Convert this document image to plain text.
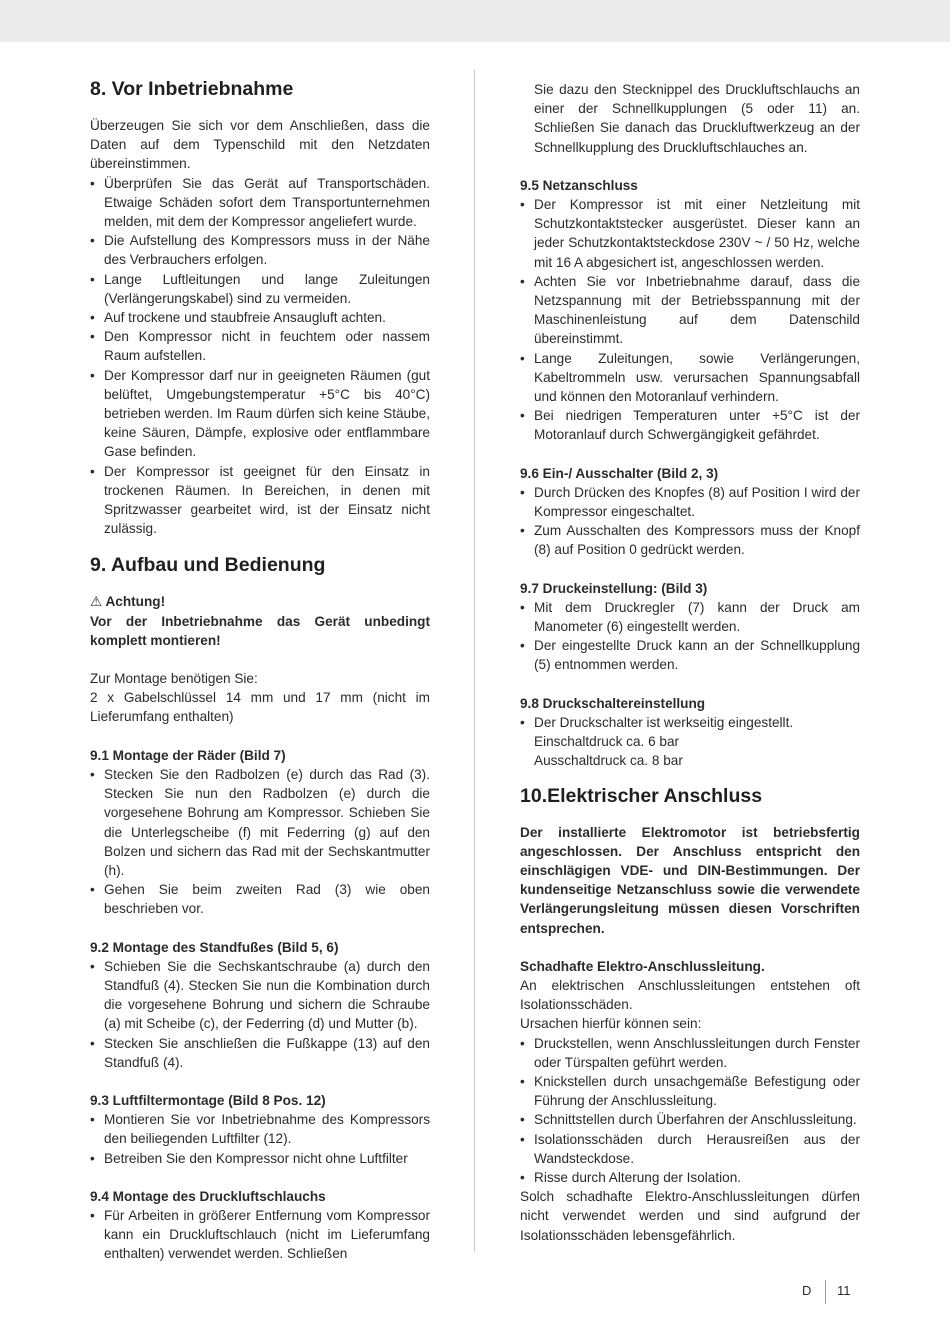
8. Vor Inbetriebnahme

Überzeugen Sie sich vor dem Anschließen, dass die Daten auf dem Typenschild mit den Netzdaten übereinstimmen.

• Überprüfen Sie das Gerät auf Transportschäden. Etwaige Schäden sofort dem Transportunternehmen melden, mit dem der Kompressor angeliefert wurde.
• Die Aufstellung des Kompressors muss in der Nähe des Verbrauchers erfolgen.
• Lange Luftleitungen und lange Zuleitungen (Verlängerungskabel) sind zu vermeiden.
• Auf trockene und staubfreie Ansaugluft achten.
• Den Kompressor nicht in feuchtem oder nassem Raum aufstellen.
• Der Kompressor darf nur in geeigneten Räumen (gut belüftet, Umgebungstemperatur +5°C bis 40°C) betrieben werden. Im Raum dürfen sich keine Stäube, keine Säuren, Dämpfe, explosive oder entflammbare Gase befinden.
• Der Kompressor ist geeignet für den Einsatz in trockenen Räumen. In Bereichen, in denen mit Spritzwasser gearbeitet wird, ist der Einsatz nicht zulässig.
9. Aufbau und Bedienung

⚠ Achtung!

Vor der Inbetriebnahme das Gerät unbedingt komplett montieren!

Zur Montage benötigen Sie:

2 x Gabelschlüssel 14 mm und 17 mm (nicht im Lieferumfang enthalten)

9.1 Montage der Räder (Bild 7)

• Stecken Sie den Radbolzen (e) durch das Rad (3). Stecken Sie nun den Radbolzen (e) durch die vorgesehene Bohrung am Kompressor. Schieben Sie die Unterlegscheibe (f) mit Federring (g) auf den Bolzen und sichern das Rad mit der Sechskantmutter (h).
• Gehen Sie beim zweiten Rad (3) wie oben beschrieben vor.

9.2 Montage des Standfußes (Bild 5, 6)

• Schieben Sie die Sechskantschraube (a) durch den Standfuß (4). Stecken Sie nun die Kombination durch die vorgesehene Bohrung und sichern die Schraube (a) mit Scheibe (c), der Federring (d) und Mutter (b).
• Stecken Sie anschließen die Fußkappe (13) auf den Standfuß (4).

9.3 Luftfiltermontage (Bild 8 Pos. 12)

• Montieren Sie vor Inbetriebnahme des Kompressors den beiliegenden Luftfilter (12).
• Betreiben Sie den Kompressor nicht ohne Luftfilter

9.4 Montage des Druckluftschlauchs

• Für Arbeiten in größerer Entfernung vom Kompressor kann ein Druckluftschlauch (nicht im Lieferumfang enthalten) verwendet werden. Schließen

Sie dazu den Stecknippel des Druckluftschlauchs an einer der Schnellkupplungen (5 oder 11) an. Schließen Sie danach das Druckluftwerkzeug an der Schnellkupplung des Druckluftschlauches an.

9.5 Netzanschluss

• Der Kompressor ist mit einer Netzleitung mit Schutzkontaktstecker ausgerüstet. Dieser kann an jeder Schutzkontaktsteckdose 230V ~ / 50 Hz, welche mit 16 A abgesichert ist, angeschlossen werden.
• Achten Sie vor Inbetriebnahme darauf, dass die Netzspannung mit der Betriebsspannung mit der Maschinenleistung auf dem Datenschild übereinstimmt.
• Lange Zuleitungen, sowie Verlängerungen, Kabeltrommeln usw. verursachen Spannungsabfall und können den Motoranlauf verhindern.
• Bei niedrigen Temperaturen unter +5°C ist der Motoranlauf durch Schwergängigkeit gefährdet.

9.6 Ein-/ Ausschalter (Bild 2, 3)

• Durch Drücken des Knopfes (8) auf Position I wird der Kompressor eingeschaltet.
• Zum Ausschalten des Kompressors muss der Knopf (8) auf Position 0 gedrückt werden.

9.7 Druckeinstellung: (Bild 3)

• Mit dem Druckregler (7) kann der Druck am Manometer (6) eingestellt werden.
• Der eingestellte Druck kann an der Schnellkupplung (5) entnommen werden.

9.8 Druckschaltereinstellung

• Der Druckschalter ist werkseitig eingestellt.

Einschaltdruck ca. 6 bar

Ausschaltdruck ca. 8 bar

10.Elektrischer Anschluss

Der installierte Elektromotor ist betriebsfertig angeschlossen. Der Anschluss entspricht den einschlägigen VDE- und DIN-Bestimmungen. Der kundenseitige Netzanschluss sowie die verwendete Verlängerungsleitung müssen diesen Vorschriften entsprechen.

Schadhafte Elektro-Anschlussleitung.

An elektrischen Anschlussleitungen entstehen oft Isolationsschäden.

Ursachen hierfür können sein:

• Druckstellen, wenn Anschlussleitungen durch Fenster oder Türspalten geführt werden.
• Knickstellen durch unsachgemäße Befestigung oder Führung der Anschlussleitung.
• Schnittstellen durch Überfahren der Anschlussleitung.
• Isolationsschäden durch Herausreißen aus der Wandsteckdose.
• Risse durch Alterung der Isolation.

Solch schadhafte Elektro-Anschlussleitungen dürfen nicht verwendet werden und sind aufgrund der Isolationsschäden lebensgefährlich.

D 11
